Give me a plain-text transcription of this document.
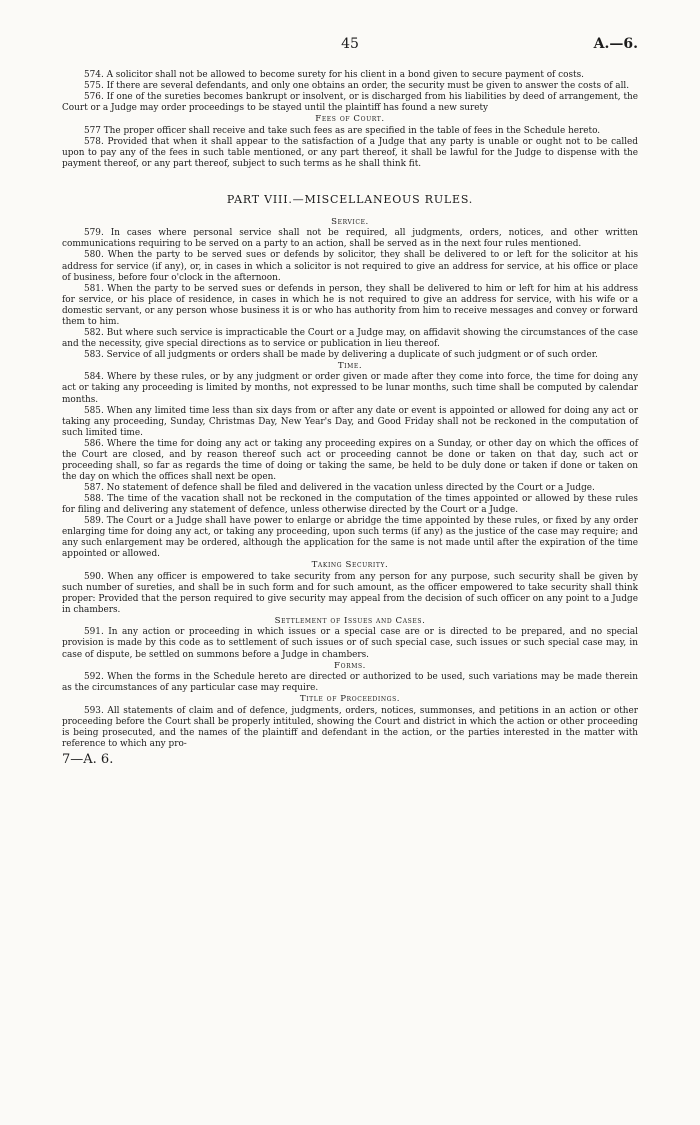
45	A.—6.

574. A solicitor shall not be allowed to become surety for his client in a bond given to secure payment of costs.

575. If there are several defendants, and only one obtains an order, the security must be given to answer the costs of all.

576. If one of the sureties becomes bankrupt or insolvent, or is discharged from his liabilities by deed of arrangement, the Court or a Judge may order proceedings to be stayed until the plaintiff has found a new surety

Fees of Court.

577 The proper officer shall receive and take such fees as are specified in the table of fees in the Schedule hereto.

578. Provided that when it shall appear to the satisfaction of a Judge that any party is unable or ought not to be called upon to pay any of the fees in such table mentioned, or any part thereof, it shall be lawful for the Judge to dispense with the payment thereof, or any part thereof, subject to such terms as he shall think fit.

PART VIII.—MISCELLANEOUS RULES.
Service.

579. In cases where personal service shall not be required, all judgments, orders, notices, and other written communications requiring to be served on a party to an action, shall be served as in the next four rules mentioned.

580. When the party to be served sues or defends by solicitor, they shall be delivered to or left for the solicitor at his address for service (if any), or, in cases in which a solicitor is not required to give an address for service, at his office or place of business, before four o'clock in the afternoon.

581. When the party to be served sues or defends in person, they shall be delivered to him or left for him at his address for service, or his place of residence, in cases in which he is not required to give an address for service, with his wife or a domestic servant, or any person whose business it is or who has authority from him to receive messages and convey or forward them to him.

582. But where such service is impracticable the Court or a Judge may, on affidavit showing the circumstances of the case and the necessity, give special directions as to service or publication in lieu thereof.

583. Service of all judgments or orders shall be made by delivering a duplicate of such judgment or of such order.

Time.

584. Where by these rules, or by any judgment or order given or made after they come into force, the time for doing any act or taking any proceeding is limited by months, not expressed to be lunar months, such time shall be computed by calendar months.

585. When any limited time less than six days from or after any date or event is appointed or allowed for doing any act or taking any proceeding, Sunday, Christmas Day, New Year's Day, and Good Friday shall not be reckoned in the computation of such limited time.

586. Where the time for doing any act or taking any proceeding expires on a Sunday, or other day on which the offices of the Court are closed, and by reason thereof such act or proceeding cannot be done or taken on that day, such act or proceeding shall, so far as regards the time of doing or taking the same, be held to be duly done or taken if done or taken on the day on which the offices shall next be open.

587. No statement of defence shall be filed and delivered in the vacation unless directed by the Court or a Judge.

588. The time of the vacation shall not be reckoned in the computation of the times appointed or allowed by these rules for filing and delivering any statement of defence, unless otherwise directed by the Court or a Judge.

589. The Court or a Judge shall have power to enlarge or abridge the time appointed by these rules, or fixed by any order enlarging time for doing any act, or taking any proceeding, upon such terms (if any) as the justice of the case may require; and any such enlargement may be ordered, although the application for the same is not made until after the expiration of the time appointed or allowed.

Taking Security.

590. When any officer is empowered to take security from any person for any purpose, such security shall be given by such number of sureties, and shall be in such form and for such amount, as the officer empowered to take security shall think proper: Provided that the person required to give security may appeal from the decision of such officer on any point to a Judge in chambers.

Settlement of Issues and Cases.

591. In any action or proceeding in which issues or a special case are or is directed to be prepared, and no special provision is made by this code as to settlement of such issues or of such special case, such issues or such special case may, in case of dispute, be settled on summons before a Judge in chambers.

Forms.

592. When the forms in the Schedule hereto are directed or authorized to be used, such variations may be made therein as the circumstances of any particular case may require.

Title of Proceedings.

593. All statements of claim and of defence, judgments, orders, notices, summonses, and petitions in an action or other proceeding before the Court shall be properly intituled, showing the Court and district in which the action or other proceeding is being prosecuted, and the names of the plaintiff and defendant in the action, or the parties interested in the matter with reference to which any pro-

7—A. 6.
